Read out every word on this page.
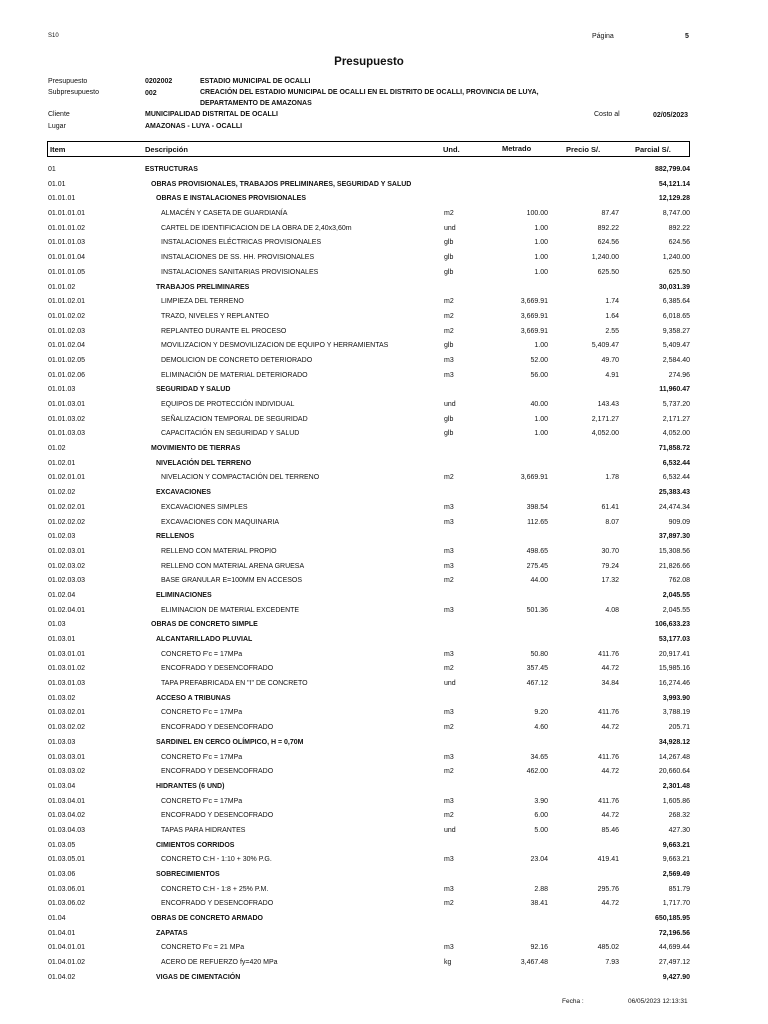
S10	Página	5
Presupuesto
Presupuesto	0202002	ESTADIO MUNICIPAL DE OCALLI
Subpresupuesto	002	CREACIÓN DEL ESTADIO MUNICIPAL DE OCALLI EN EL DISTRITO DE OCALLI, PROVINCIA DE LUYA,
DEPARTAMENTO DE AMAZONAS
Cliente	MUNICIPALIDAD DISTRITAL DE OCALLI	Costo al	02/05/2023
Lugar	AMAZONAS - LUYA - OCALLI
Item	Descripción	Und.	Metrado	Precio S/.	Parcial S/.
01	ESTRUCTURAS	882,799.04
01.01	OBRAS PROVISIONALES, TRABAJOS PRELIMINARES, SEGURIDAD Y SALUD	54,121.14
01.01.01	OBRAS E INSTALACIONES PROVISIONALES	12,129.28
01.01.01.01	ALMACÉN Y CASETA DE GUARDIANÍA	m2	100.00	87.47	8,747.00
01.01.01.02	CARTEL DE IDENTIFICACION DE LA OBRA DE 2,40x3,60m	und	1.00	892.22	892.22
01.01.01.03	INSTALACIONES ELÉCTRICAS PROVISIONALES	glb	1.00	624.56	624.56
01.01.01.04	INSTALACIONES DE SS. HH. PROVISIONALES	glb	1.00	1,240.00	1,240.00
01.01.01.05	INSTALACIONES SANITARIAS PROVISIONALES	glb	1.00	625.50	625.50
01.01.02	TRABAJOS PRELIMINARES	30,031.39
01.01.02.01	LIMPIEZA DEL TERRENO	m2	3,669.91	1.74	6,385.64
01.01.02.02	TRAZO, NIVELES Y REPLANTEO	m2	3,669.91	1.64	6,018.65
01.01.02.03	REPLANTEO DURANTE EL PROCESO	m2	3,669.91	2.55	9,358.27
01.01.02.04	MOVILIZACION Y DESMOVILIZACION DE EQUIPO Y HERRAMIENTAS	glb	1.00	5,409.47	5,409.47
01.01.02.05	DEMOLICION DE CONCRETO DETERIORADO	m3	52.00	49.70	2,584.40
01.01.02.06	ELIMINACIÓN DE MATERIAL DETERIORADO	m3	56.00	4.91	274.96
01.01.03	SEGURIDAD Y SALUD	11,960.47
01.01.03.01	EQUIPOS DE PROTECCIÓN INDIVIDUAL	und	40.00	143.43	5,737.20
01.01.03.02	SEÑALIZACION TEMPORAL DE SEGURIDAD	glb	1.00	2,171.27	2,171.27
01.01.03.03	CAPACITACIÓN EN SEGURIDAD Y SALUD	glb	1.00	4,052.00	4,052.00
01.02	MOVIMIENTO DE TIERRAS	71,858.72
01.02.01	NIVELACIÓN DEL TERRENO	6,532.44
01.02.01.01	NIVELACION Y COMPACTACIÓN DEL TERRENO	m2	3,669.91	1.78	6,532.44
01.02.02	EXCAVACIONES	25,383.43
01.02.02.01	EXCAVACIONES SIMPLES	m3	398.54	61.41	24,474.34
01.02.02.02	EXCAVACIONES CON MAQUINARIA	m3	112.65	8.07	909.09
01.02.03	RELLENOS	37,897.30
01.02.03.01	RELLENO CON MATERIAL PROPIO	m3	498.65	30.70	15,308.56
01.02.03.02	RELLENO CON MATERIAL ARENA GRUESA	m3	275.45	79.24	21,826.66
01.02.03.03	BASE GRANULAR E=100MM EN ACCESOS	m2	44.00	17.32	762.08
01.02.04	ELIMINACIONES	2,045.55
01.02.04.01	ELIMINACION DE MATERIAL EXCEDENTE	m3	501.36	4.08	2,045.55
01.03	OBRAS DE CONCRETO SIMPLE	106,633.23
01.03.01	ALCANTARILLADO PLUVIAL	53,177.03
01.03.01.01	CONCRETO F'c = 17MPa	m3	50.80	411.76	20,917.41
01.03.01.02	ENCOFRADO Y DESENCOFRADO	m2	357.45	44.72	15,985.16
01.03.01.03	TAPA PREFABRICADA EN "I" DE CONCRETO	und	467.12	34.84	16,274.46
01.03.02	ACCESO A TRIBUNAS	3,993.90
01.03.02.01	CONCRETO F'c = 17MPa	m3	9.20	411.76	3,788.19
01.03.02.02	ENCOFRADO Y DESENCOFRADO	m2	4.60	44.72	205.71
01.03.03	SARDINEL EN CERCO OLÍMPICO, H = 0,70M	34,928.12
01.03.03.01	CONCRETO F'c = 17MPa	m3	34.65	411.76	14,267.48
01.03.03.02	ENCOFRADO Y DESENCOFRADO	m2	462.00	44.72	20,660.64
01.03.04	HIDRANTES (6 UND)	2,301.48
01.03.04.01	CONCRETO F'c = 17MPa	m3	3.90	411.76	1,605.86
01.03.04.02	ENCOFRADO Y DESENCOFRADO	m2	6.00	44.72	268.32
01.03.04.03	TAPAS PARA HIDRANTES	und	5.00	85.46	427.30
01.03.05	CIMIENTOS CORRIDOS	9,663.21
01.03.05.01	CONCRETO C:H - 1:10 + 30% P.G.	m3	23.04	419.41	9,663.21
01.03.06	SOBRECIMIENTOS	2,569.49
01.03.06.01	CONCRETO C:H - 1:8 + 25% P.M.	m3	2.88	295.76	851.79
01.03.06.02	ENCOFRADO Y DESENCOFRADO	m2	38.41	44.72	1,717.70
01.04	OBRAS DE CONCRETO ARMADO	650,185.95
01.04.01	ZAPATAS	72,196.56
01.04.01.01	CONCRETO F'c = 21 MPa	m3	92.16	485.02	44,699.44
01.04.01.02	ACERO DE REFUERZO fy=420 MPa	kg	3,467.48	7.93	27,497.12
01.04.02	VIGAS DE CIMENTACIÓN	9,427.90
Fecha :	06/05/2023 12:13:31
